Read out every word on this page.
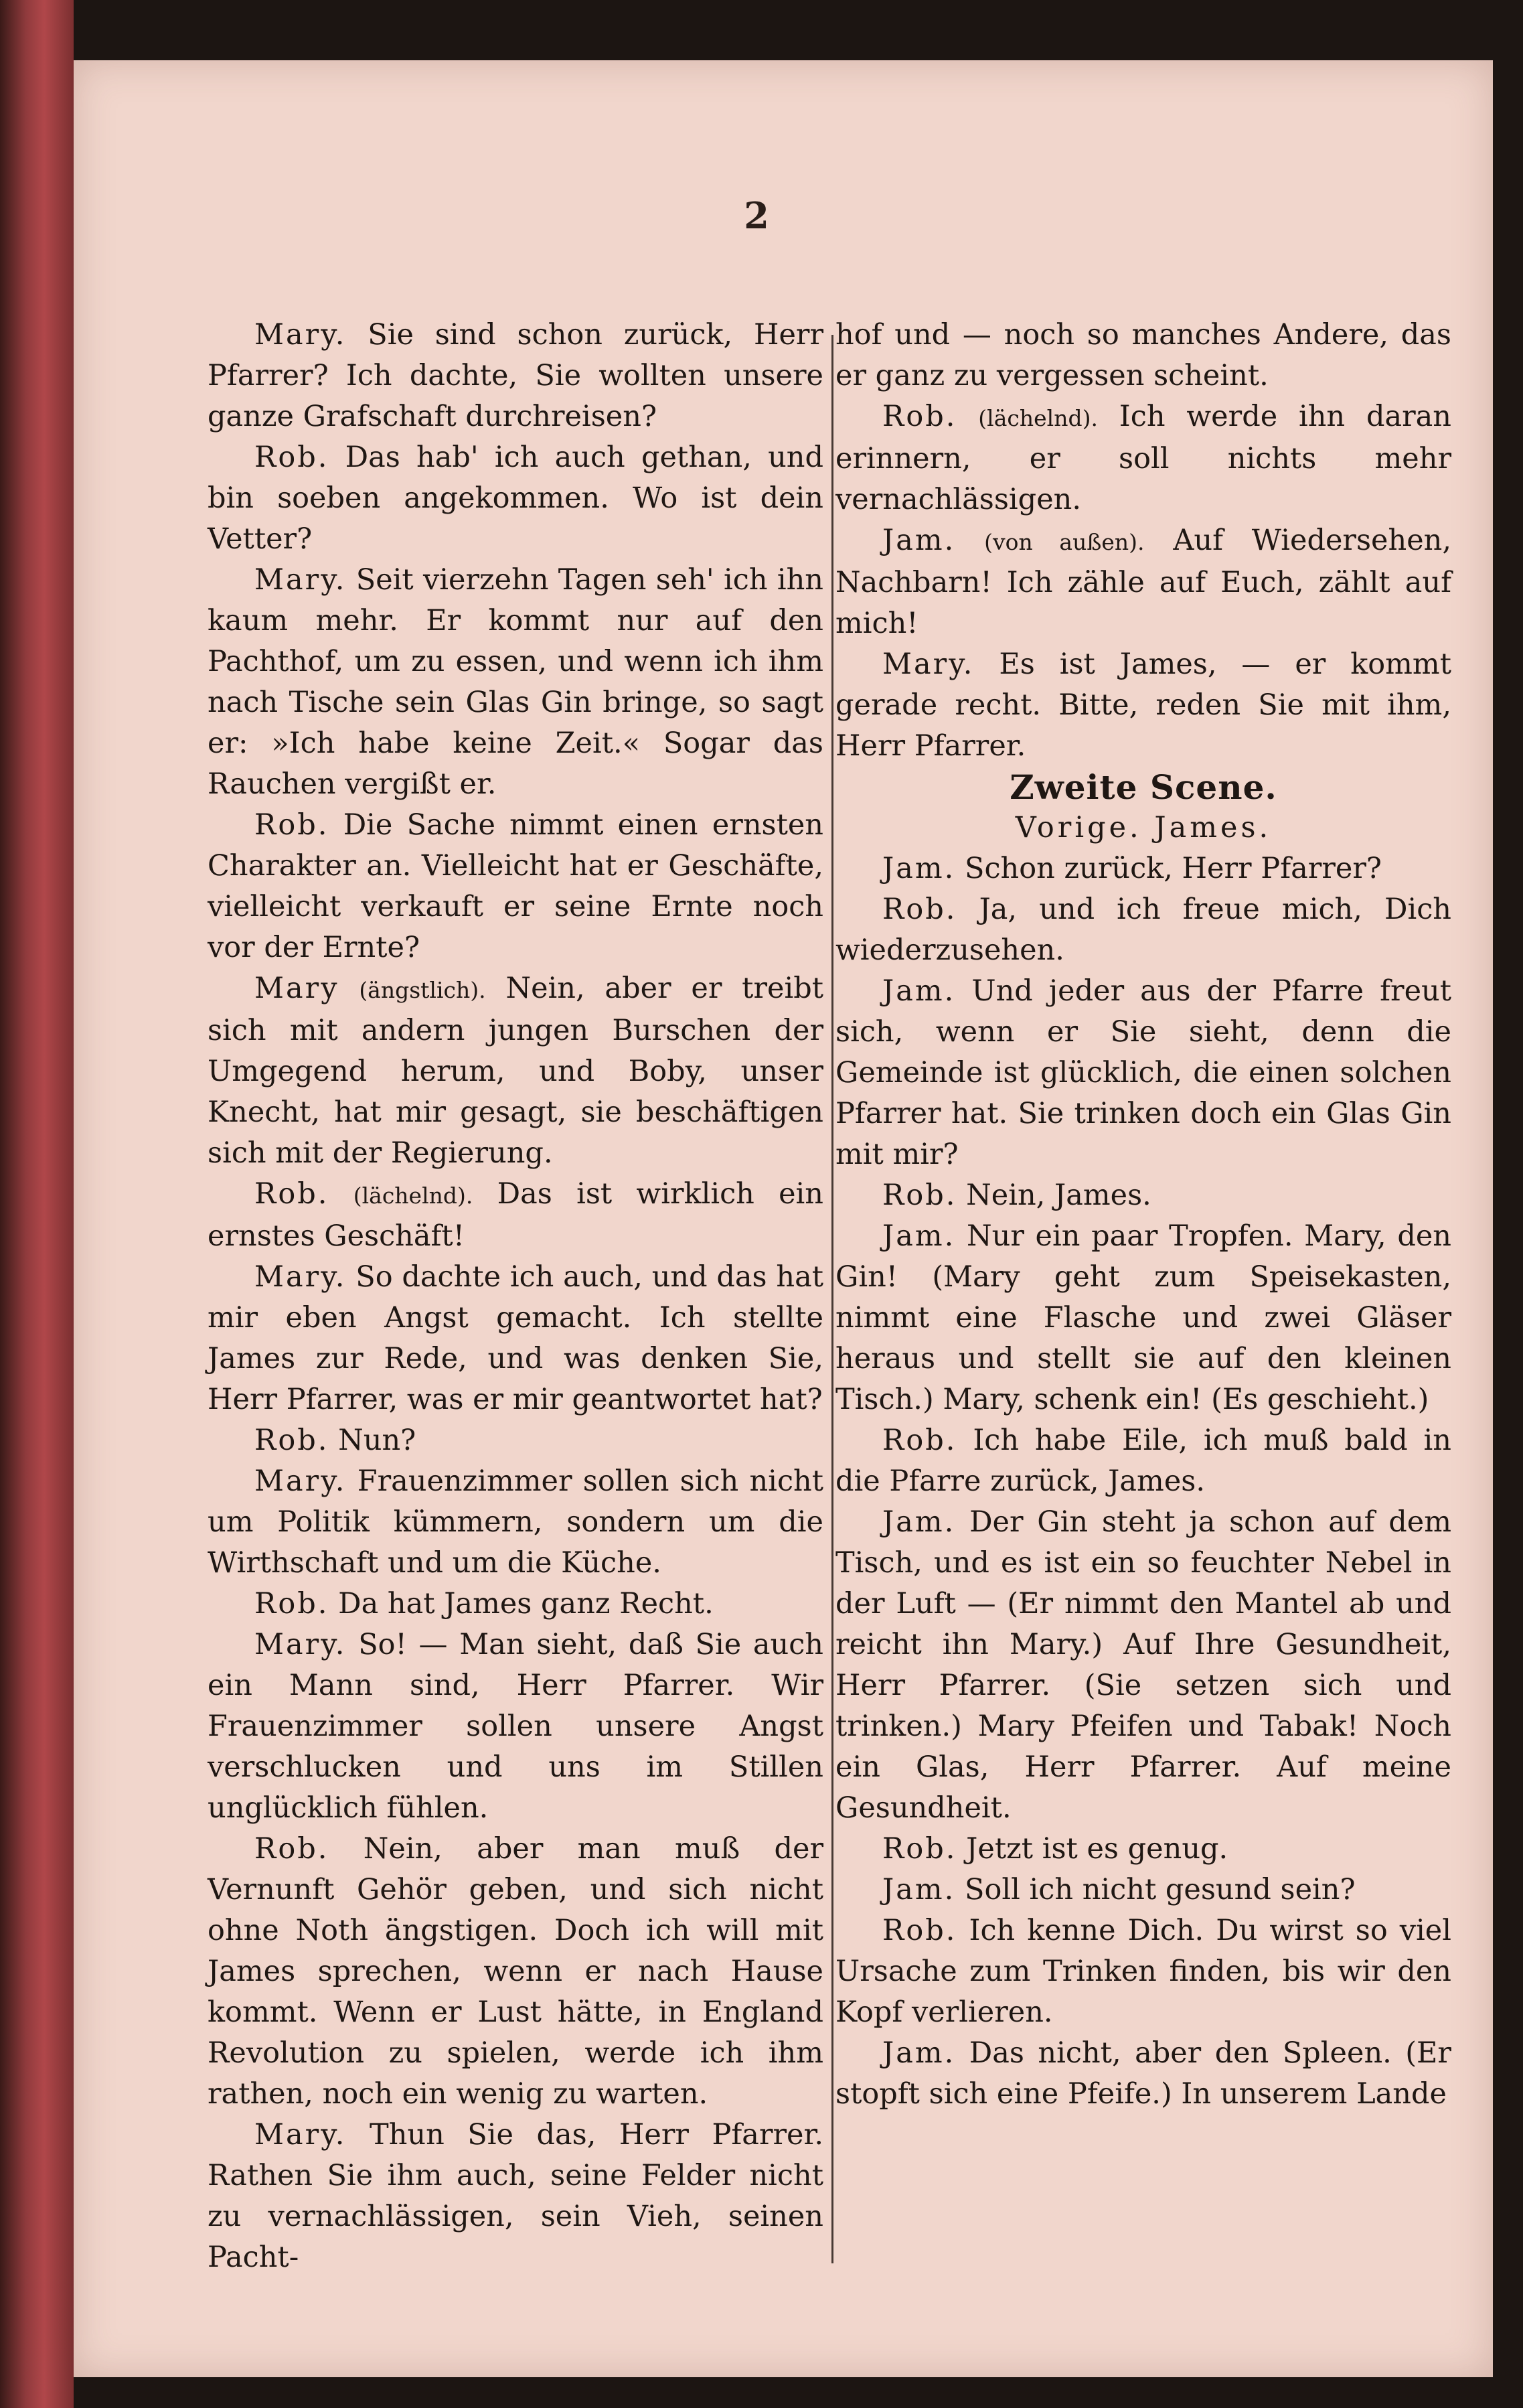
2

Mary. Sie sind schon zurück, Herr Pfarrer? Ich dachte, Sie wollten unsere ganze Grafschaft durchreisen?

Rob. Das hab' ich auch gethan, und bin soeben angekommen. Wo ist dein Vetter?

Mary. Seit vierzehn Tagen seh' ich ihn kaum mehr. Er kommt nur auf den Pachthof, um zu essen, und wenn ich ihm nach Tische sein Glas Gin bringe, so sagt er: »Ich habe keine Zeit.« Sogar das Rauchen vergißt er.

Rob. Die Sache nimmt einen ernsten Charakter an. Vielleicht hat er Geschäfte, vielleicht verkauft er seine Ernte noch vor der Ernte?

Mary (ängstlich). Nein, aber er treibt sich mit andern jungen Burschen der Umgegend herum, und Boby, unser Knecht, hat mir gesagt, sie beschäftigen sich mit der Regierung.

Rob. (lächelnd). Das ist wirklich ein ernstes Geschäft!

Mary. So dachte ich auch, und das hat mir eben Angst gemacht. Ich stellte James zur Rede, und was denken Sie, Herr Pfarrer, was er mir geantwortet hat?

Rob. Nun?

Mary. Frauenzimmer sollen sich nicht um Politik kümmern, sondern um die Wirthschaft und um die Küche.

Rob. Da hat James ganz Recht.

Mary. So! — Man sieht, daß Sie auch ein Mann sind, Herr Pfarrer. Wir Frauenzimmer sollen unsere Angst verschlucken und uns im Stillen unglücklich fühlen.

Rob. Nein, aber man muß der Vernunft Gehör geben, und sich nicht ohne Noth ängstigen. Doch ich will mit James sprechen, wenn er nach Hause kommt. Wenn er Lust hätte, in England Revolution zu spielen, werde ich ihm rathen, noch ein wenig zu warten.

Mary. Thun Sie das, Herr Pfarrer. Rathen Sie ihm auch, seine Felder nicht zu vernachlässigen, sein Vieh, seinen Pacht-

hof und — noch so manches Andere, das er ganz zu vergessen scheint.

Rob. (lächelnd). Ich werde ihn daran erinnern, er soll nichts mehr vernachlässigen.

Jam. (von außen). Auf Wiedersehen, Nachbarn! Ich zähle auf Euch, zählt auf mich!

Mary. Es ist James, — er kommt gerade recht. Bitte, reden Sie mit ihm, Herr Pfarrer.

Zweite Scene.

Vorige. James.

Jam. Schon zurück, Herr Pfarrer?

Rob. Ja, und ich freue mich, Dich wiederzusehen.

Jam. Und jeder aus der Pfarre freut sich, wenn er Sie sieht, denn die Gemeinde ist glücklich, die einen solchen Pfarrer hat. Sie trinken doch ein Glas Gin mit mir?

Rob. Nein, James.

Jam. Nur ein paar Tropfen. Mary, den Gin! (Mary geht zum Speisekasten, nimmt eine Flasche und zwei Gläser heraus und stellt sie auf den kleinen Tisch.) Mary, schenk ein! (Es geschieht.)

Rob. Ich habe Eile, ich muß bald in die Pfarre zurück, James.

Jam. Der Gin steht ja schon auf dem Tisch, und es ist ein so feuchter Nebel in der Luft — (Er nimmt den Mantel ab und reicht ihn Mary.) Auf Ihre Gesundheit, Herr Pfarrer. (Sie setzen sich und trinken.) Mary Pfeifen und Tabak! Noch ein Glas, Herr Pfarrer. Auf meine Gesundheit.

Rob. Jetzt ist es genug.

Jam. Soll ich nicht gesund sein?

Rob. Ich kenne Dich. Du wirst so viel Ursache zum Trinken finden, bis wir den Kopf verlieren.

Jam. Das nicht, aber den Spleen. (Er stopft sich eine Pfeife.) In unserem Lande
